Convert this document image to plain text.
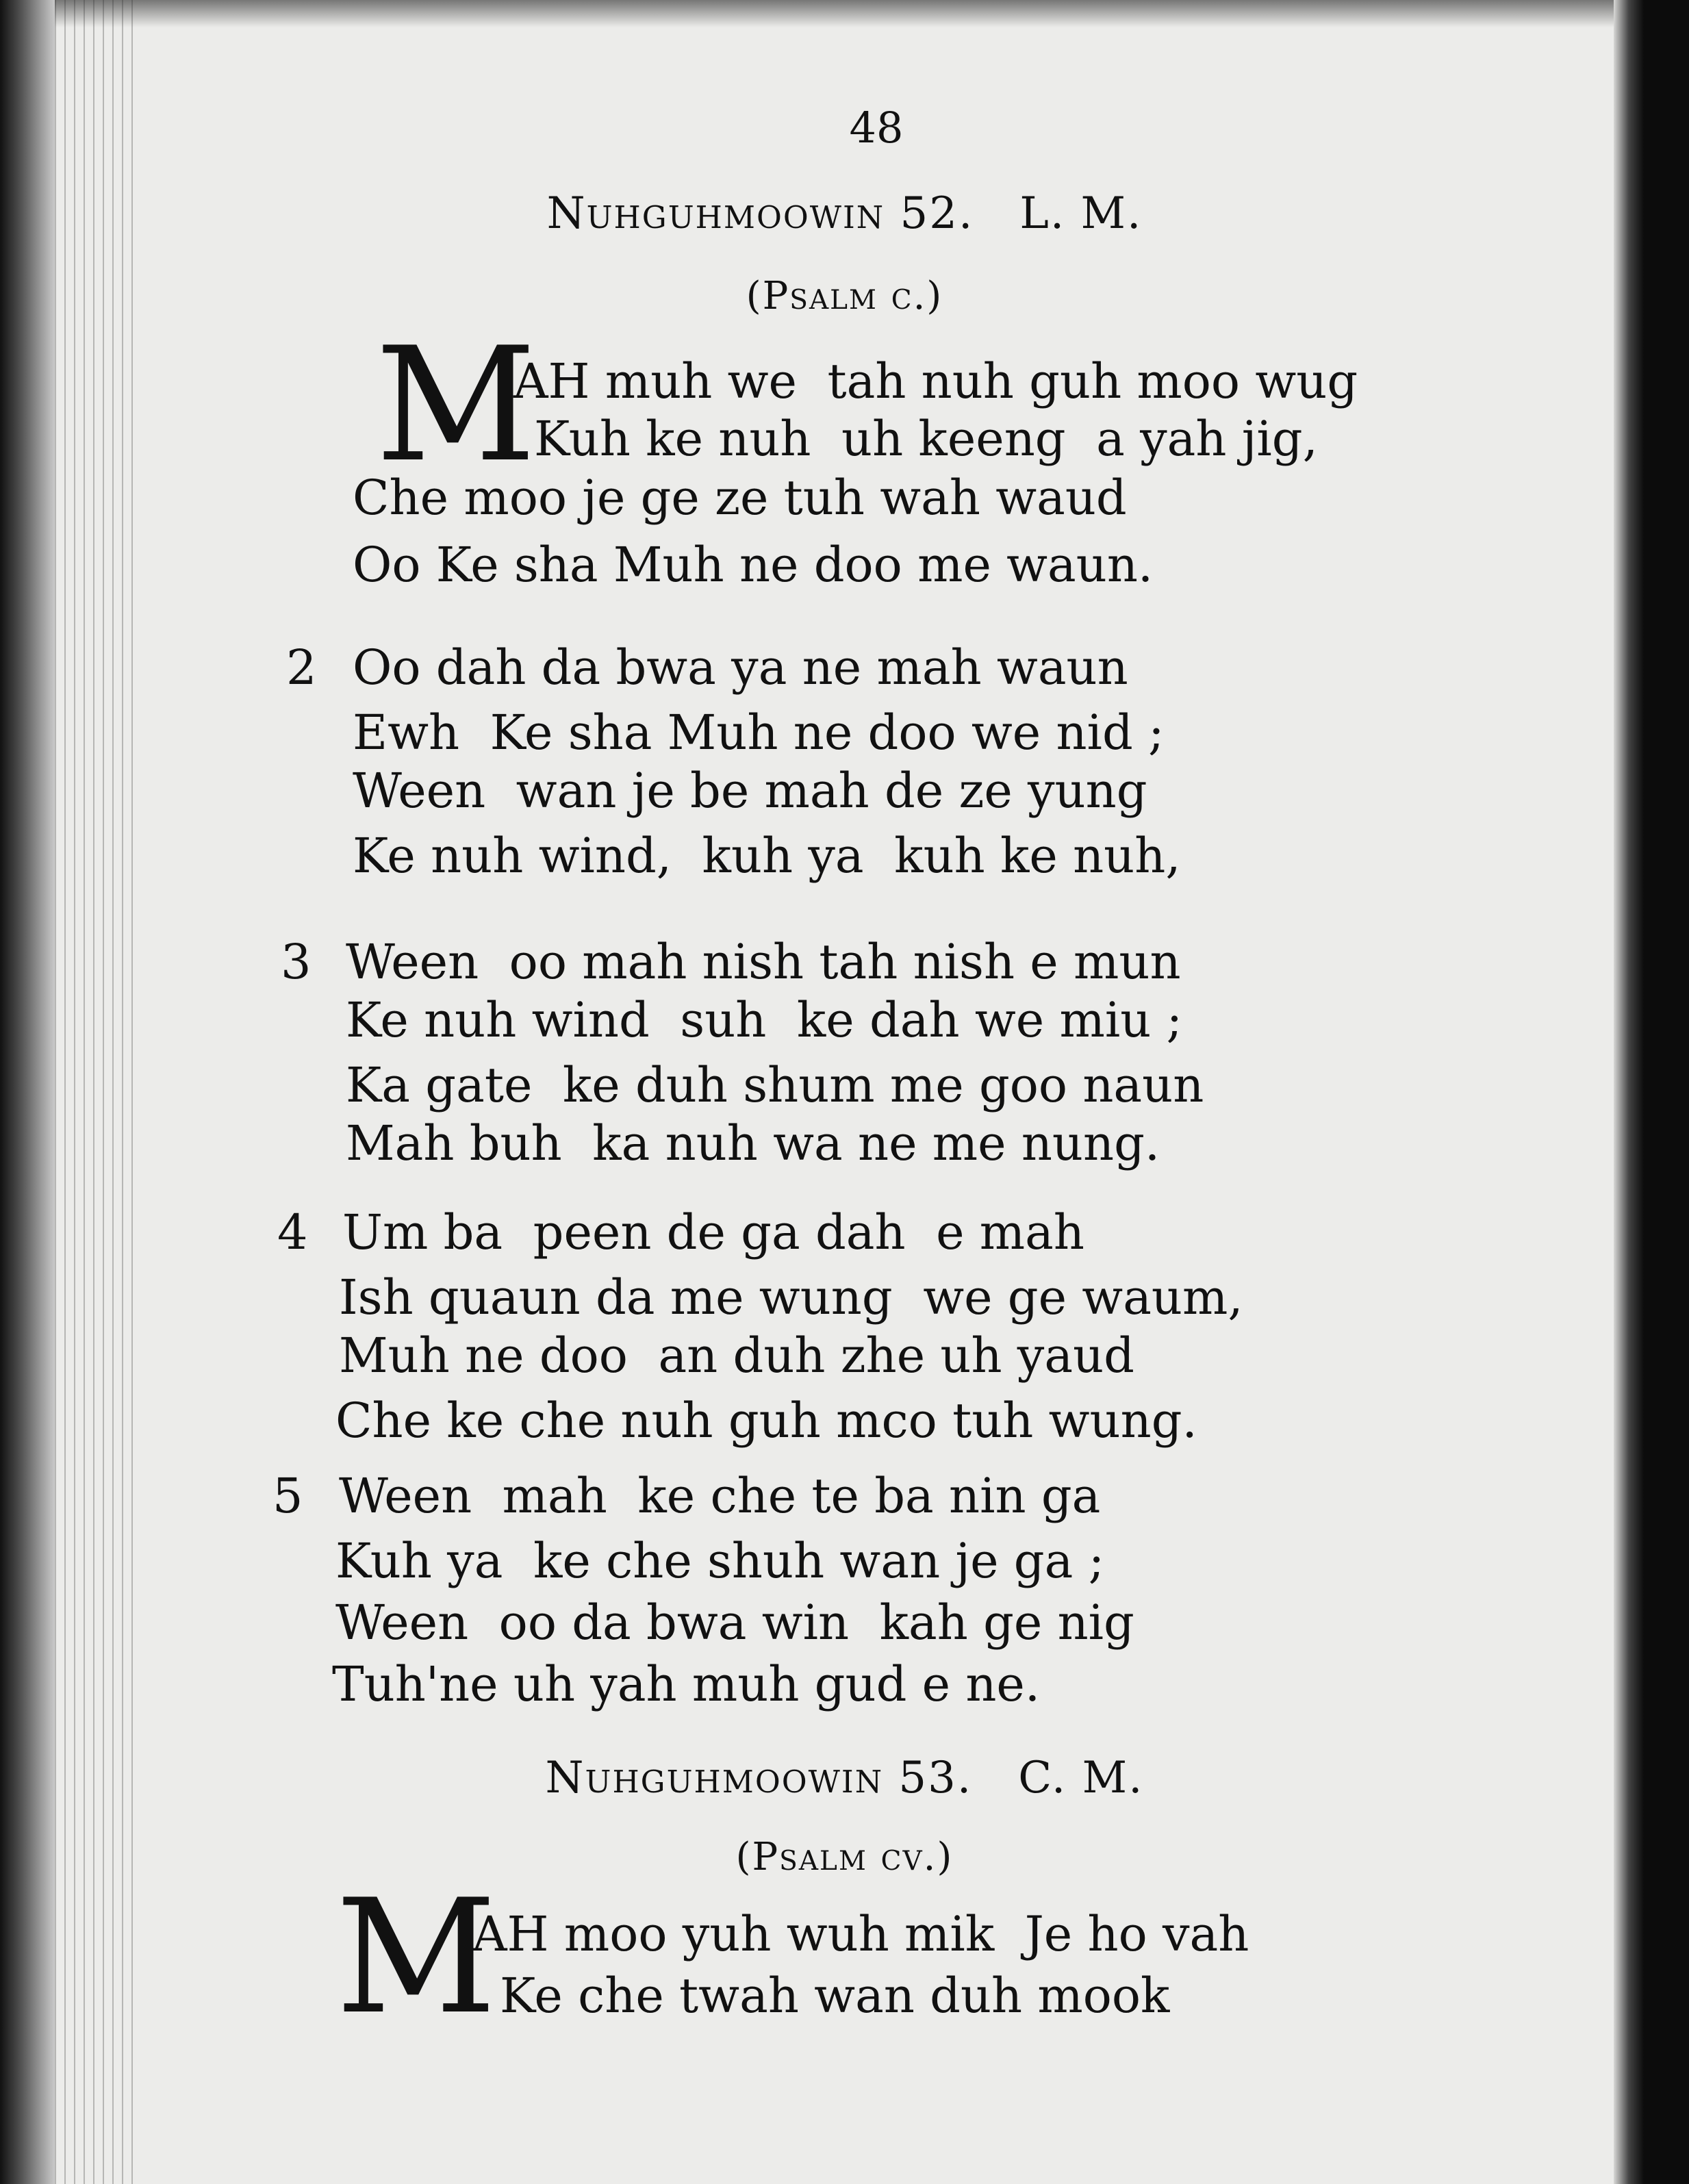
48
Nuhguhmoowin 52. L. M.
(Psalm c.)
M
AH muh we  tah nuh guh moo wug
Kuh ke nuh  uh keeng  a yah jig,
Che moo je ge ze tuh wah waud
Oo Ke sha Muh ne doo me waun.
2 Oo dah da bwa ya ne mah waun
Ewh  Ke sha Muh ne doo we nid ;
Ween  wan je be mah de ze yung
Ke nuh wind,  kuh ya  kuh ke nuh,
3 Ween  oo mah nish tah nish e mun
Ke nuh wind  suh  ke dah we miu ;
Ka gate  ke duh shum me goo naun
Mah buh  ka nuh wa ne me nung.
4 Um ba  peen de ga dah  e mah
Ish quaun da me wung  we ge waum,
Muh ne doo  an duh zhe uh yaud
Che ke che nuh guh mco tuh wung.
5 Ween  mah  ke che te ba nin ga
Kuh ya  ke che shuh wan je ga ;
Ween  oo da bwa win  kah ge nig
Tuh'ne uh yah muh gud e ne.
Nuhguhmoowin 53. C. M.
(Psalm cv.)
M
AH moo yuh wuh mik  Je ho vah
Ke che twah wan duh mook
